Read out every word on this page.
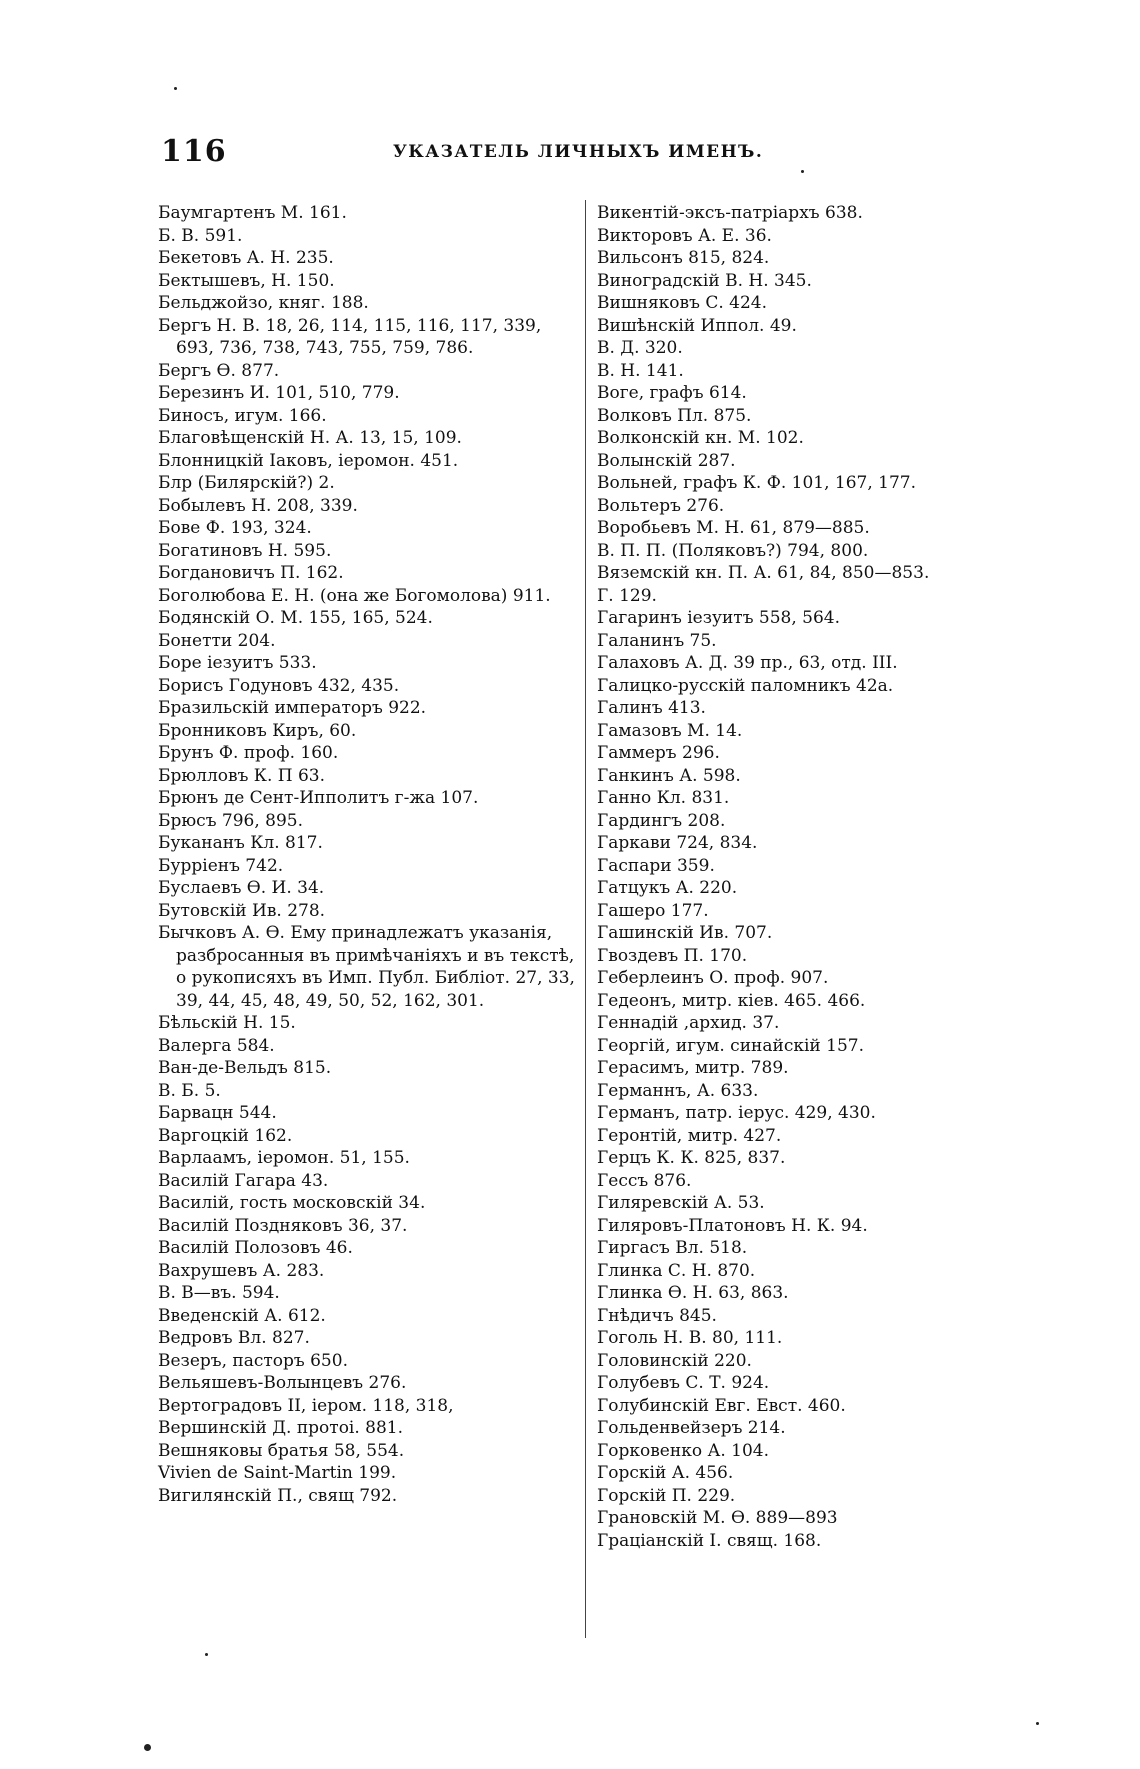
116	УКАЗАТЕЛЬ ЛИЧНЫХЪ ИМЕНЪ.

Баумгартенъ М. 161.

Б. В. 591.

Бекетовъ А. Н. 235.

Бектышевъ, Н. 150.

Бельджойзо, княг. 188.

Бергъ Н. В. 18, 26, 114, 115, 116, 117, 339, 693, 736, 738, 743, 755, 759, 786.

Бергъ Ѳ. 877.

Березинъ И. 101, 510, 779.

Биносъ, игум. 166.

Благовѣщенскій Н. А. 13, 15, 109.

Блонницкій Іаковъ, іеромон. 451.

Блр (Билярскій?) 2.

Бобылевъ Н. 208, 339.

Бове Ф. 193, 324.

Богатиновъ Н. 595.

Богдановичъ П. 162.

Боголюбова Е. Н. (она же Богомолова) 911.

Бодянскій О. М. 155, 165, 524.

Бонетти 204.

Боре іезуитъ 533.

Борисъ Годуновъ 432, 435.

Бразильскій императоръ 922.

Бронниковъ Киръ, 60.

Брунъ Ф. проф. 160.

Брюлловъ К. П 63.

Брюнъ де Сент-Ипполитъ г-жа 107.

Брюсъ 796, 895.

Букананъ Кл. 817.

Бурріенъ 742.

Буслаевъ Ѳ. И. 34.

Бутовскій Ив. 278.

Бычковъ А. Ѳ. Ему принадлежатъ указанія, разбросанныя въ примѣчаніяхъ и въ текстѣ, о рукописяхъ въ Имп. Публ. Библіот. 27, 33, 39, 44, 45, 48, 49, 50, 52, 162, 301.

Бѣльскій Н. 15.

Валерга 584.

Ван-де-Вельдъ 815.

В. Б. 5.

Барвацн 544.

Варгоцкій 162.

Варлаамъ, іеромон. 51, 155.

Василій Гагара 43.

Василій, гость московскій 34.

Василій Поздняковъ 36, 37.

Василій Полозовъ 46.

Вахрушевъ А. 283.

В. В—въ. 594.

Введенскій А. 612.

Ведровъ Вл. 827.

Везеръ, пасторъ 650.

Вельяшевъ-Волынцевъ 276.

Вертоградовъ II, іером. 118, 318,

Вершинскій Д. протоі. 881.

Вешняковы братья 58, 554.

Vivien de Saint-Martin 199.

Вигилянскій П., свящ 792.

Викентій-эксъ-патріархъ 638.

Викторовъ А. Е. 36.

Вильсонъ 815, 824.

Виноградскій В. Н. 345.

Вишняковъ С. 424.

Вишѣнскій Иппол. 49.

В. Д. 320.

В. Н. 141.

Воге, графъ 614.

Волковъ Пл. 875.

Волконскій кн. М. 102.

Волынскій 287.

Вольней, графъ К. Ф. 101, 167, 177.

Вольтеръ 276.

Воробьевъ М. Н. 61, 879—885.

В. П. П. (Поляковъ?) 794, 800.

Вяземскій кн. П. А. 61, 84, 850—853.

Г. 129.

Гагаринъ іезуитъ 558, 564.

Галанинъ 75.

Галаховъ А. Д. 39 пр., 63, отд. III.

Галицко-русскій паломникъ 42а.

Галинъ 413.

Гамазовъ М. 14.

Гаммеръ 296.

Ганкинъ А. 598.

Ганно Кл. 831.

Гардингъ 208.

Гаркави 724, 834.

Гаспари 359.

Гатцукъ А. 220.

Гашеро 177.

Гашинскій Ив. 707.

Гвоздевъ П. 170.

Геберлеинъ О. проф. 907.

Гедеонъ, митр. кіев. 465. 466.

Геннадій ,архид. 37.

Георгій, игум. синайскій 157.

Герасимъ, митр. 789.

Германнъ, А. 633.

Германъ, патр. іерус. 429, 430.

Геронтій, митр. 427.

Герцъ К. К. 825, 837.

Гессъ 876.

Гиляревскій А. 53.

Гиляровъ-Платоновъ Н. К. 94.

Гиргасъ Вл. 518.

Глинка С. Н. 870.

Глинка Ѳ. Н. 63, 863.

Гнѣдичъ 845.

Гоголь Н. В. 80, 111.

Головинскій 220.

Голубевъ С. Т. 924.

Голубинскій Евг. Евст. 460.

Гольденвейзеръ 214.

Горковенко А. 104.

Горскій А. 456.

Горскій П. 229.

Грановскій М. Ѳ. 889—893

Граціанскій І. свящ. 168.
